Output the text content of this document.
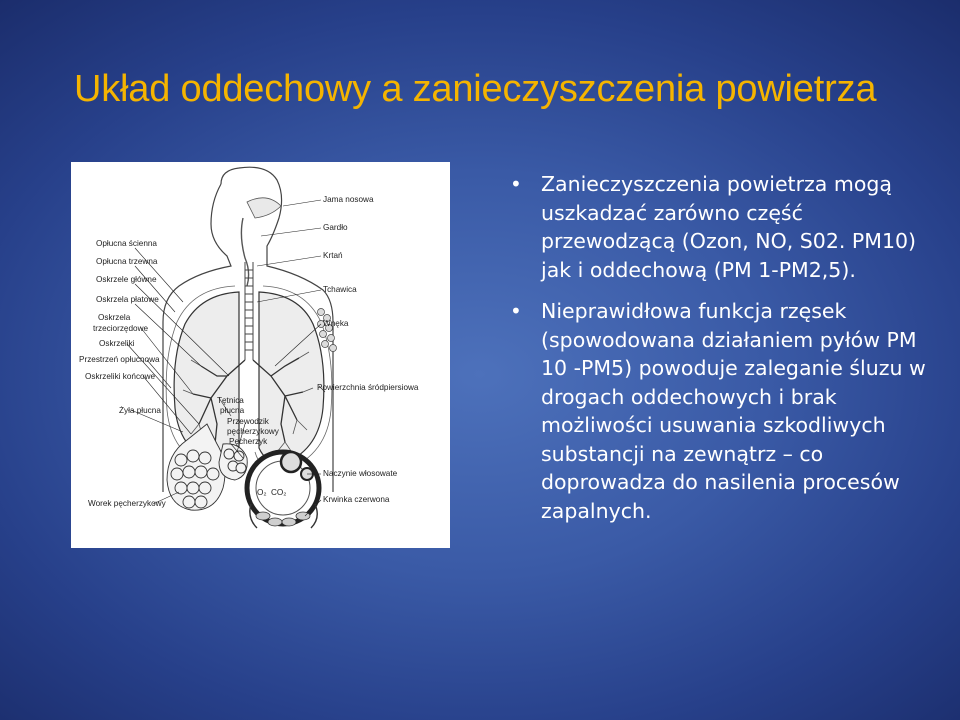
Układ oddechowy a zanieczyszczenia powietrza
Opłucna ścienna
Opłucna trzewna
Oskrzele główne
Oskrzela płatowe
Oskrzela
trzeciorzędowe
Oskrzeliki
Przestrzeń opłucnowa
Oskrzeliki końcowe
Żyła płucna
Worek pęcherzykowy
Jama nosowa
Gardło
Krtań
Tchawica
Wnęka
Powierzchnia śródpiersiowa
Naczynie włosowate
Krwinka czerwona
Tętnica
płucna
Przewodzik
pęcherzykowy
Pęcherzyk
O₂ CO₂
• Zanieczyszczenia powietrza mogą uszkadzać zarówno część przewodzącą (Ozon, NO, S02. PM10) jak i oddechową (PM 1-PM2,5).
• Nieprawidłowa funkcja rzęsek (spowodowana działaniem pyłów PM 10 -PM5) powoduje zaleganie śluzu w drogach oddechowych i brak możliwości usuwania szkodliwych substancji na zewnątrz – co doprowadza do nasilenia procesów zapalnych.
